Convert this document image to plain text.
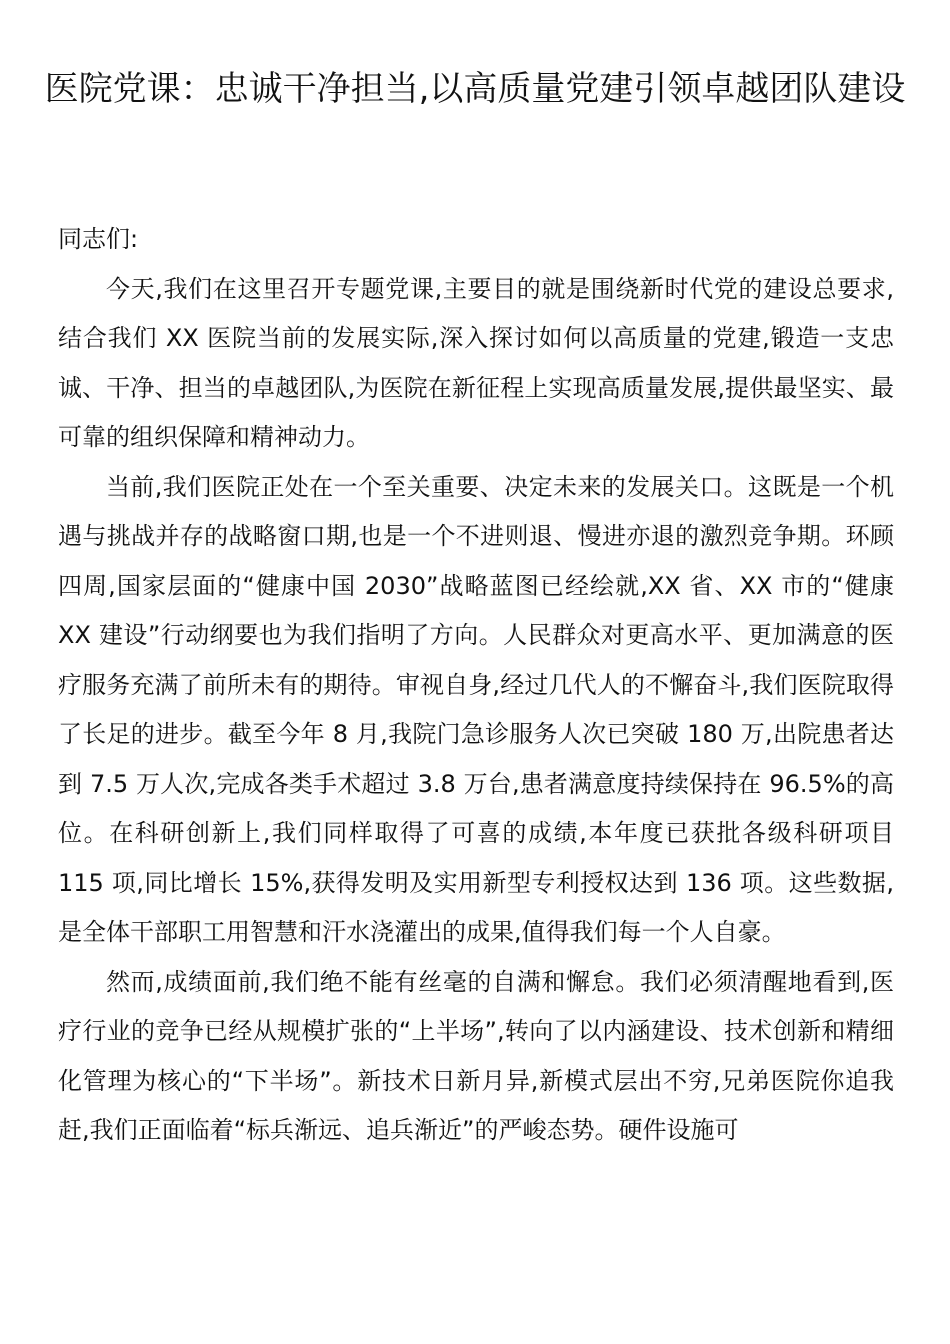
医院党课：忠诚干净担当,以高质量党建引领卓越团队建设

同志们:

今天,我们在这里召开专题党课,主要目的就是围绕新时代党的建设总要求,结合我们 XX 医院当前的发展实际,深入探讨如何以高质量的党建,锻造一支忠诚、干净、担当的卓越团队,为医院在新征程上实现高质量发展,提供最坚实、最可靠的组织保障和精神动力。

当前,我们医院正处在一个至关重要、决定未来的发展关口。这既是一个机遇与挑战并存的战略窗口期,也是一个不进则退、慢进亦退的激烈竞争期。环顾四周,国家层面的“健康中国 2030”战略蓝图已经绘就,XX 省、XX 市的“健康 XX 建设”行动纲要也为我们指明了方向。人民群众对更高水平、更加满意的医疗服务充满了前所未有的期待。审视自身,经过几代人的不懈奋斗,我们医院取得了长足的进步。截至今年 8 月,我院门急诊服务人次已突破 180 万,出院患者达到 7.5 万人次,完成各类手术超过 3.8 万台,患者满意度持续保持在 96.5%的高位。在科研创新上,我们同样取得了可喜的成绩,本年度已获批各级科研项目 115 项,同比增长 15%,获得发明及实用新型专利授权达到 136 项。这些数据,是全体干部职工用智慧和汗水浇灌出的成果,值得我们每一个人自豪。

然而,成绩面前,我们绝不能有丝毫的自满和懈怠。我们必须清醒地看到,医疗行业的竞争已经从规模扩张的“上半场”,转向了以内涵建设、技术创新和精细化管理为核心的“下半场”。新技术日新月异,新模式层出不穷,兄弟医院你追我赶,我们正面临着“标兵渐远、追兵渐近”的严峻态势。硬件设施可
